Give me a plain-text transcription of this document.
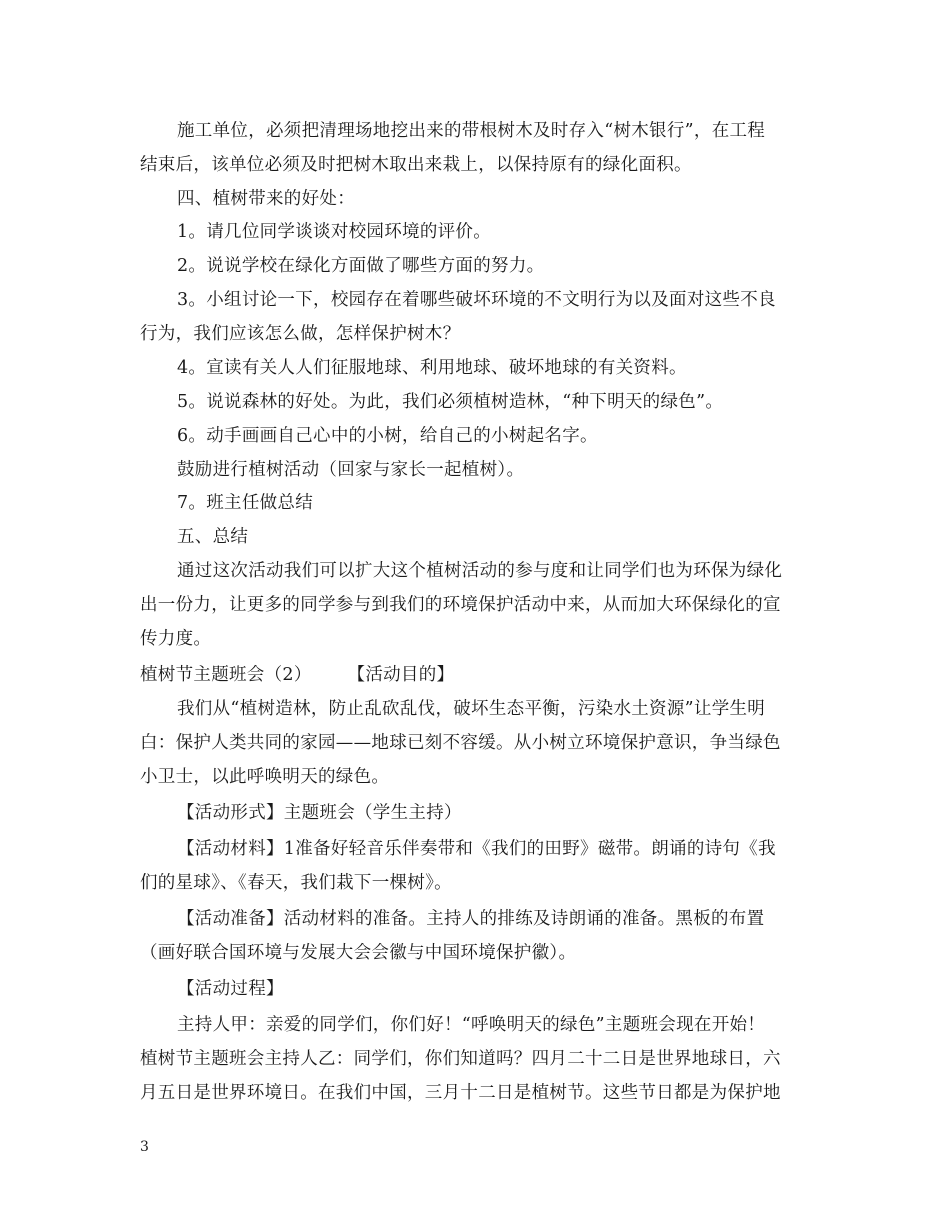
施工单位，必须把清理场地挖出来的带根树木及时存入“树木银行”，在工程
结束后，该单位必须及时把树木取出来栽上，以保持原有的绿化面积。
四、植树带来的好处：
1。请几位同学谈谈对校园环境的评价。
2。说说学校在绿化方面做了哪些方面的努力。
3。小组讨论一下，校园存在着哪些破坏环境的不文明行为以及面对这些不良
行为，我们应该怎么做，怎样保护树木？
4。宣读有关人人们征服地球、利用地球、破坏地球的有关资料。
5。说说森林的好处。为此，我们必须植树造林，“种下明天的绿色”。
6。动手画画自己心中的小树，给自己的小树起名字。
鼓励进行植树活动（回家与家长一起植树）。
7。班主任做总结
五、总结
通过这次活动我们可以扩大这个植树活动的参与度和让同学们也为环保为绿化
出一份力，让更多的同学参与到我们的环境保护活动中来，从而加大环保绿化的宣
传力度。
植树节主题班会（2）　　　【活动目的】
我们从“植树造林，防止乱砍乱伐，破坏生态平衡，污染水土资源”让学生明
白：保护人类共同的家园——地球已刻不容缓。从小树立环境保护意识，争当绿色
小卫士，以此呼唤明天的绿色。
【活动形式】主题班会（学生主持）
【活动材料】1准备好轻音乐伴奏带和《我们的田野》磁带。朗诵的诗句《我
们的星球》、《春天，我们栽下一棵树》。
【活动准备】活动材料的准备。主持人的排练及诗朗诵的准备。黑板的布置
（画好联合国环境与发展大会会徽与中国环境保护徽）。
【活动过程】
主持人甲：亲爱的同学们，你们好！“呼唤明天的绿色”主题班会现在开始！
植树节主题班会主持人乙：同学们，你们知道吗？四月二十二日是世界地球日，六
月五日是世界环境日。在我们中国，三月十二日是植树节。这些节日都是为保护地
3
